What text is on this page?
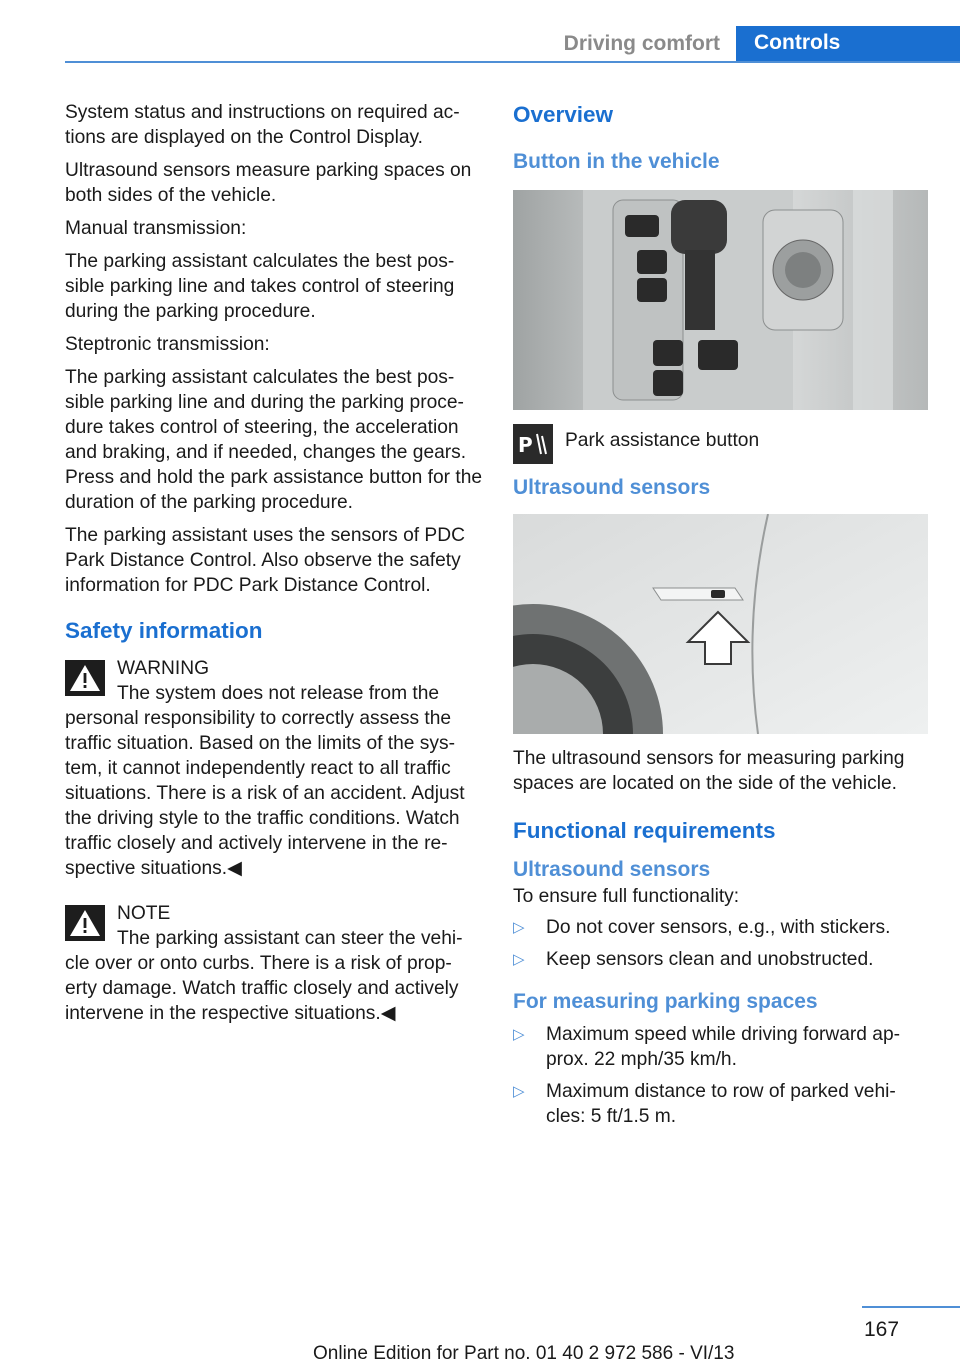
Driving comfort	Controls

System status and instructions on required ac-tions are displayed on the Control Display.

Ultrasound sensors measure parking spaces on both sides of the vehicle.

Manual transmission:

The parking assistant calculates the best pos-sible parking line and takes control of steering during the parking procedure.

Steptronic transmission:

The parking assistant calculates the best pos-sible parking line and during the parking proce-dure takes control of steering, the acceleration and braking, and if needed, changes the gears. Press and hold the park assistance button for the duration of the parking procedure.

The parking assistant uses the sensors of PDC Park Distance Control. Also observe the safety information for PDC Park Distance Control.

Safety information
WARNING
The system does not release from the personal responsibility to correctly assess the traffic situation. Based on the limits of the sys-tem, it cannot independently react to all traffic situations. There is a risk of an accident. Adjust the driving style to the traffic conditions. Watch traffic closely and actively intervene in the re-spective situations.◀
NOTE
The parking assistant can steer the vehi-cle over or onto curbs. There is a risk of prop-erty damage. Watch traffic closely and actively intervene in the respective situations.◀
Overview
Button in the vehicle
P Park assistance button
Ultrasound sensors

The ultrasound sensors for measuring parking spaces are located on the side of the vehicle.

Functional requirements
Ultrasound sensors

To ensure full functionality:

▷ Do not cover sensors, e.g., with stickers.
▷ Keep sensors clean and unobstructed.
For measuring parking spaces
▷ Maximum speed while driving forward ap-prox. 22 mph/35 km/h.
▷ Maximum distance to row of parked vehi-cles: 5 ft/1.5 m.
167
Online Edition for Part no. 01 40 2 972 586 - VI/13
